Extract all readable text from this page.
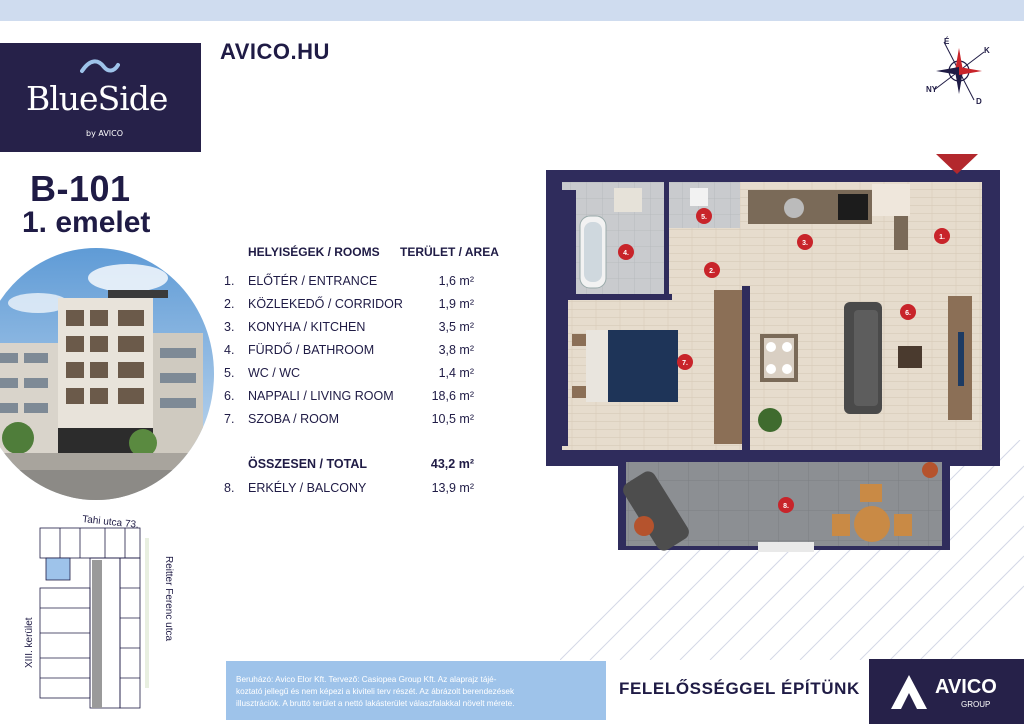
BlueSide
by AVICO
AVICO.HU	É
K
D
NY
B-101
1. emelet
HELYISÉGEK / ROOMS TERÜLET / AREA
1. ELŐTÉR / ENTRANCE	1,6 m²
2. KÖZLEKEDŐ / CORRIDOR	1,9 m²
3. KONYHA / KITCHEN	3,5 m²
4. FÜRDŐ / BATHROOM	3,8 m²
5. WC / WC	1,4 m²
6. NAPPALI / LIVING ROOM	18,6 m²
7. SZOBA / ROOM	10,5 m²
ÖSSZESEN / TOTAL	43,2 m²
8. ERKÉLY / BALCONY	13,9 m²
Tahi utca 73.
Reitter Ferenc utca
XIII. kerület
1.
2.
3.
4.
5.
6.
7.
8.
Beruházó: Avico Elor Kft. Tervező: Casiopea Group Kft. Az alaprajz tájé-
koztató jellegű és nem képezi a kiviteli terv részét. Az ábrázolt berendezések
illusztrációk. A bruttó terület a nettó lakásterület válaszfalakkal növelt mérete.
FELELŐSSÉGGEL ÉPÍTÜNK	AVICO
GROUP
